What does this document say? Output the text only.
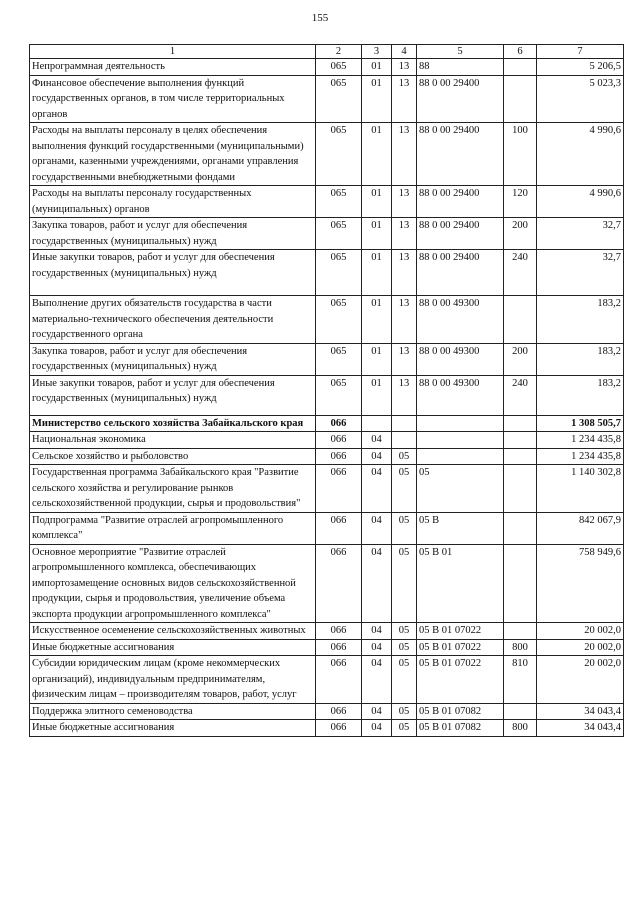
155
1	2	3	4	5	6	7
Непрограммная деятельность	065	01	13	88		5 206,5
Финансовое обеспечение выполнения функций государственных органов, в том числе территориальных органов	065	01	13	88 0 00 29400		5 023,3
Расходы на выплаты персоналу в целях обеспечения выполнения функций государственными (муниципальными) органами, казенными учреждениями, органами управления государственными внебюджетными фондами	065	01	13	88 0 00 29400	100	4 990,6
Расходы на выплаты персоналу государственных (муниципальных) органов	065	01	13	88 0 00 29400	120	4 990,6
Закупка товаров, работ и услуг для обеспечения государственных (муниципальных) нужд	065	01	13	88 0 00 29400	200	32,7
Иные закупки товаров, работ и услуг для обеспечения государственных (муниципальных) нужд	065	01	13	88 0 00 29400	240	32,7
Выполнение других обязательств государства в части материально-технического обеспечения деятельности государственного органа	065	01	13	88 0 00 49300		183,2
Закупка товаров, работ и услуг для обеспечения государственных (муниципальных) нужд	065	01	13	88 0 00 49300	200	183,2
Иные закупки товаров, работ и услуг для обеспечения государственных (муниципальных) нужд	065	01	13	88 0 00 49300	240	183,2
Министерство сельского хозяйства Забайкальского края	066					1 308 505,7
Национальная экономика	066	04				1 234 435,8
Сельское хозяйство и рыболовство	066	04	05			1 234 435,8
Государственная программа Забайкальского края "Развитие сельского хозяйства и регулирование рынков сельскохозяйственной продукции, сырья и продовольствия"	066	04	05	05		1 140 302,8
Подпрограмма "Развитие отраслей агропромышленного комплекса"	066	04	05	05 В		842 067,9
Основное мероприятие "Развитие отраслей агропромышленного комплекса, обеспечивающих импортозамещение основных видов сельскохозяйственной продукции, сырья и продовольствия, увеличение объема экспорта продукции агропромышленного комплекса"	066	04	05	05 В 01		758 949,6
Искусственное осеменение сельскохозяйственных животных	066	04	05	05 В 01 07022		20 002,0
Иные бюджетные ассигнования	066	04	05	05 В 01 07022	800	20 002,0
Субсидии юридическим лицам (кроме некоммерческих организаций), индивидуальным предпринимателям, физическим лицам – производителям товаров, работ, услуг	066	04	05	05 В 01 07022	810	20 002,0
Поддержка элитного семеноводства	066	04	05	05 В 01 07082		34 043,4
Иные бюджетные ассигнования	066	04	05	05 В 01 07082	800	34 043,4
